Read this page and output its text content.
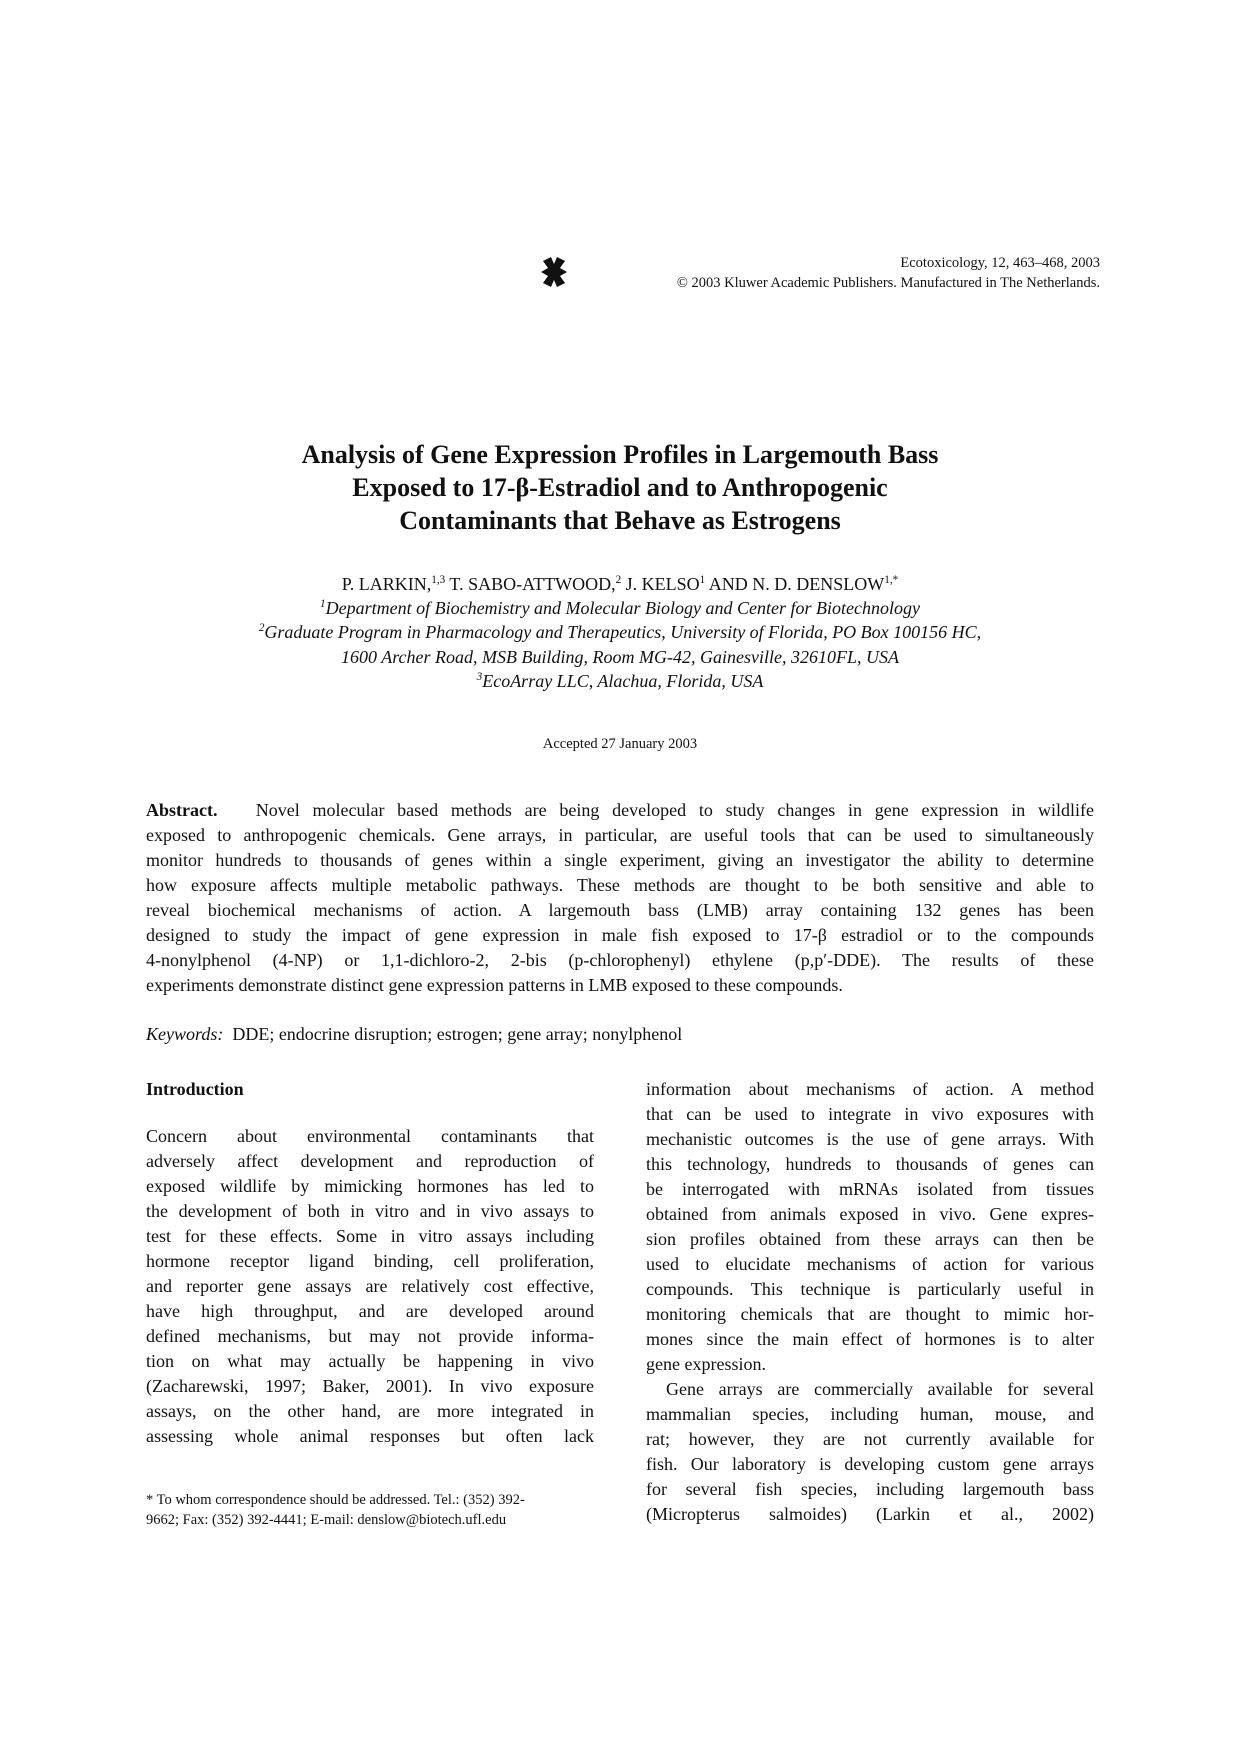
Ecotoxicology, 12, 463–468, 2003
© 2003 Kluwer Academic Publishers. Manufactured in The Netherlands.
Analysis of Gene Expression Profiles in Largemouth Bass
Exposed to 17-β-Estradiol and to Anthropogenic
Contaminants that Behave as Estrogens
P. LARKIN,$^{1,3}$ T. SABO-ATTWOOD,$^2$ J. KELSO$^1$ AND N. D. $DENSLOW^{1,*}$
$^1$Department of Biochemistry and Molecular Biology and Center for Biotechnology
$^2$Graduate Program in Pharmacology and Therapeutics, University of Florida, PO Box 100156 HC,
1600 Archer Road, MSB Building, Room MG-42, Gainesville, 32610FL, USA
$^3$EcoArray LLC, Alachua, Florida, USA
Accepted 27 January 2003
Abstract. Novel molecular based methods are being developed to study changes in gene expression in wildlife
exposed to anthropogenic chemicals. Gene arrays, in particular, are useful tools that can be used to simultaneously
monitor hundreds to thousands of genes within a single experiment, giving an investigator the ability to determine
how exposure affects multiple metabolic pathways. These methods are thought to be both sensitive and able to
reveal biochemical mechanisms of action. A largemouth bass (LMB) array containing 132 genes has been
designed to study the impact of gene expression in male fish exposed to 17-β estradiol or to the compounds
4-nonylphenol (4-NP) or 1,1-dichloro-2, 2-bis (p-chlorophenyl) ethylene (p,p′-DDE). The results of these
experiments demonstrate distinct gene expression patterns in LMB exposed to these compounds.
Keywords: DDE; endocrine disruption; estrogen; gene array; nonylphenol
Introduction
Concern about environmental contaminants that
adversely affect development and reproduction of
exposed wildlife by mimicking hormones has led to
the development of both in vitro and in vivo assays to
test for these effects. Some in vitro assays including
hormone receptor ligand binding, cell proliferation,
and reporter gene assays are relatively cost effective,
have high throughput, and are developed around
defined mechanisms, but may not provide informa-
tion on what may actually be happening in vivo
(Zacharewski, 1997; Baker, 2001). In vivo exposure
assays, on the other hand, are more integrated in
assessing whole animal responses but often lack
* To whom correspondence should be addressed. Tel.: (352) 392-
9662; Fax: (352) 392-4441; E-mail: denslow@biotech.ufl.edu
information about mechanisms of action. A method
that can be used to integrate in vivo exposures with
mechanistic outcomes is the use of gene arrays. With
this technology, hundreds to thousands of genes can
be interrogated with mRNAs isolated from tissues
obtained from animals exposed in vivo. Gene expres-
sion profiles obtained from these arrays can then be
used to elucidate mechanisms of action for various
compounds. This technique is particularly useful in
monitoring chemicals that are thought to mimic hor-
mones since the main effect of hormones is to alter
gene expression.
Gene arrays are commercially available for several
mammalian species, including human, mouse, and
rat; however, they are not currently available for
fish. Our laboratory is developing custom gene arrays
for several fish species, including largemouth bass
(Micropterus salmoides) (Larkin et al., 2002)
